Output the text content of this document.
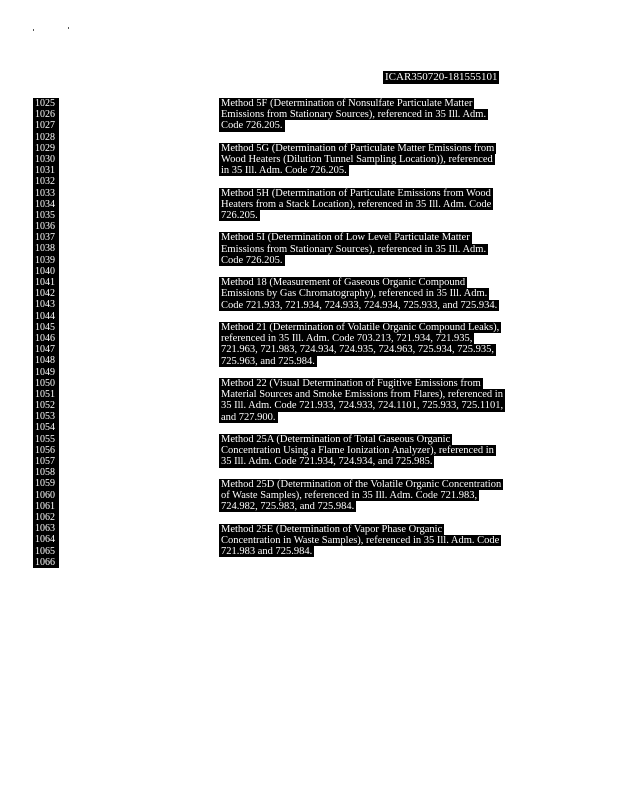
ICAR350720-181555101
1025
1026
1027
1028
1029
1030
1031
1032
1033
1034
1035
1036
1037
1038
1039
1040
1041
1042
1043
1044
1045
1046
1047
1048
1049
1050
1051
1052
1053
1054
1055
1056
1057
1058
1059
1060
1061
1062
1063
1064
1065
1066
Method 5F (Determination of Nonsulfate Particulate Matter
Emissions from Stationary Sources), referenced in 35 Ill. Adm.
Code 726.205.
Method 5G (Determination of Particulate Matter Emissions from
Wood Heaters (Dilution Tunnel Sampling Location)), referenced
in 35 Ill. Adm. Code 726.205.
Method 5H (Determination of Particulate Emissions from Wood
Heaters from a Stack Location), referenced in 35 Ill. Adm. Code
726.205.
Method 5I (Determination of Low Level Particulate Matter
Emissions from Stationary Sources), referenced in 35 Ill. Adm.
Code 726.205.
Method 18 (Measurement of Gaseous Organic Compound
Emissions by Gas Chromatography), referenced in 35 Ill. Adm.
Code 721.933, 721.934, 724.933, 724.934, 725.933, and 725.934.
Method 21 (Determination of Volatile Organic Compound Leaks),
referenced in 35 Ill. Adm. Code 703.213, 721.934, 721.935,
721.963, 721.983, 724.934, 724.935, 724.963, 725.934, 725.935,
725.963, and 725.984.
Method 22 (Visual Determination of Fugitive Emissions from
Material Sources and Smoke Emissions from Flares), referenced in
35 Ill. Adm. Code 721.933, 724.933, 724.1101, 725.933, 725.1101,
and 727.900.
Method 25A (Determination of Total Gaseous Organic
Concentration Using a Flame Ionization Analyzer), referenced in
35 Ill. Adm. Code 721.934, 724.934, and 725.985.
Method 25D (Determination of the Volatile Organic Concentration
of Waste Samples), referenced in 35 Ill. Adm. Code 721.983,
724.982, 725.983, and 725.984.
Method 25E (Determination of Vapor Phase Organic
Concentration in Waste Samples), referenced in 35 Ill. Adm. Code
721.983 and 725.984.
